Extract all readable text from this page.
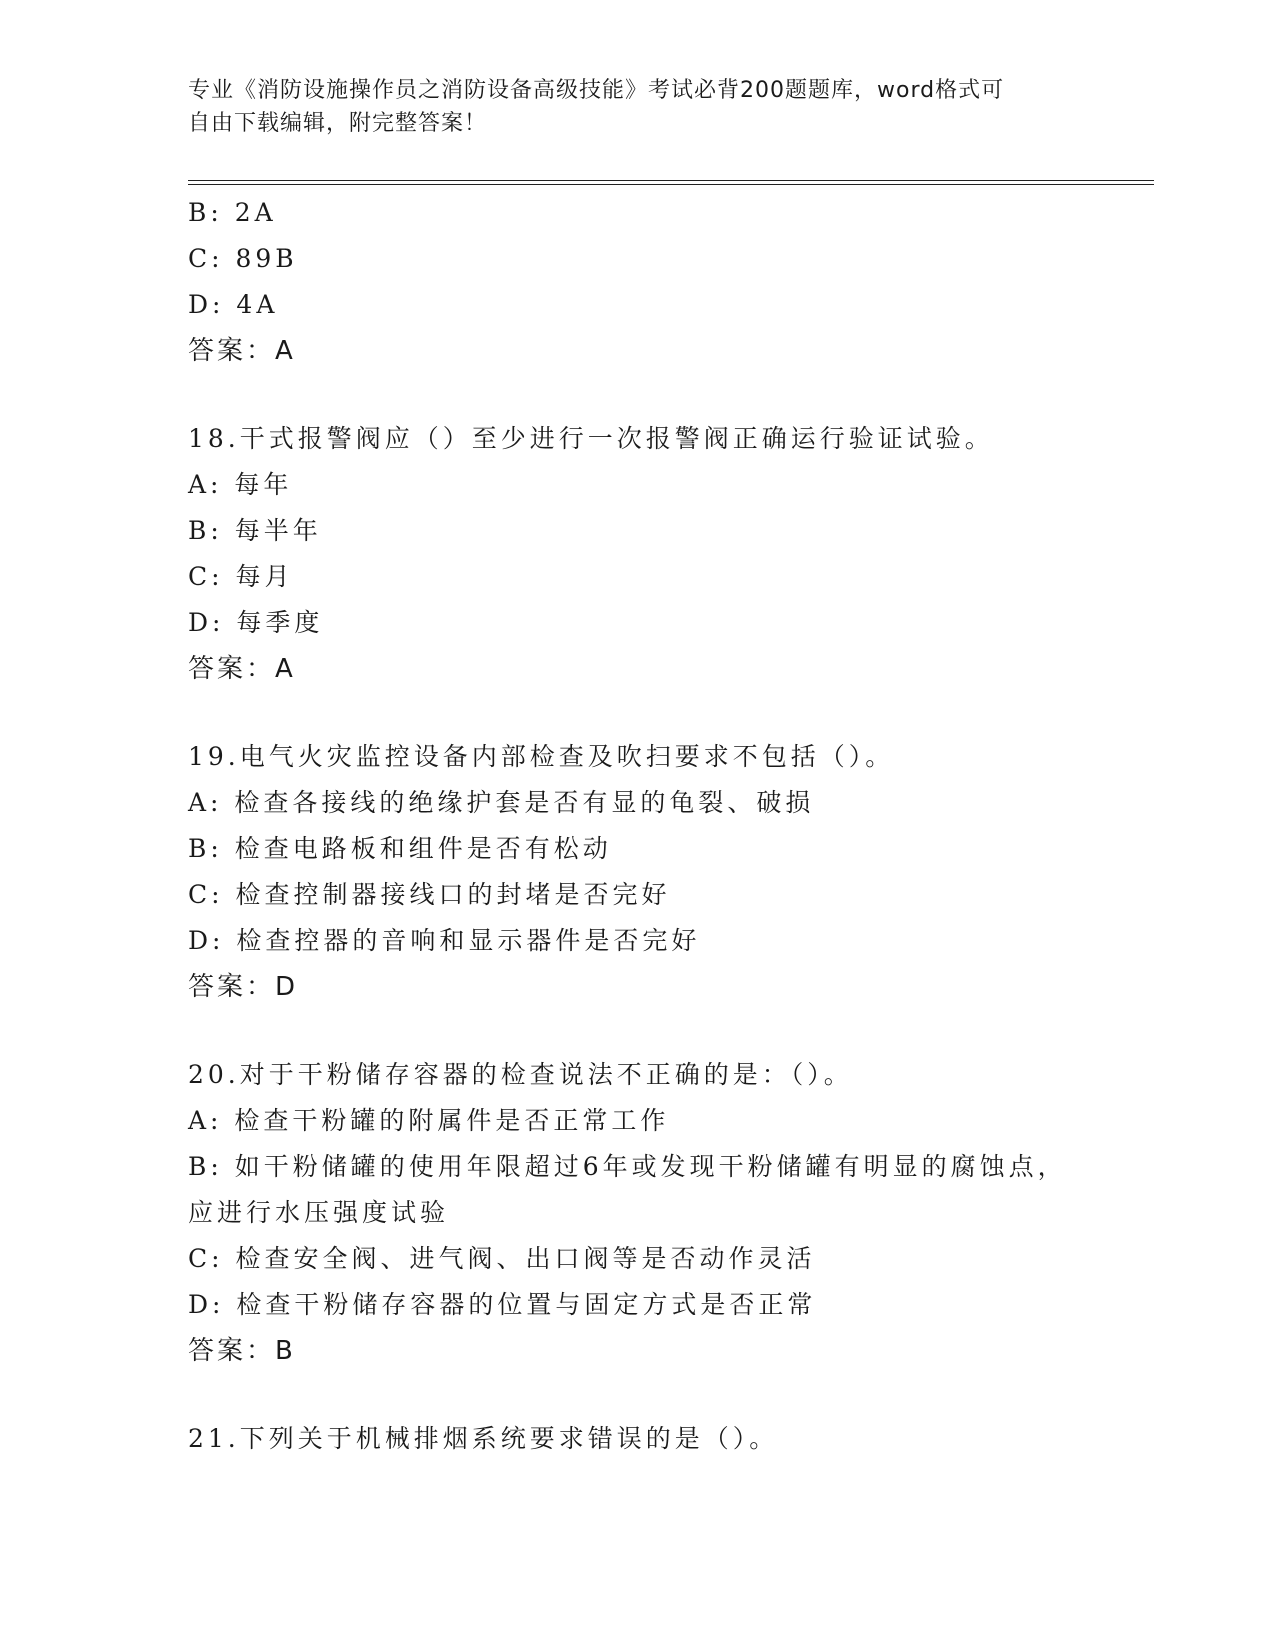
专业《消防设施操作员之消防设备高级技能》考试必背200题题库，word格式可
自由下载编辑，附完整答案！
B: 2A
C: 89B
D: 4A
答案：A
18.干式报警阀应（）至少进行一次报警阀正确运行验证试验。
A: 每年
B: 每半年
C: 每月
D: 每季度
答案：A
19.电气火灾监控设备内部检查及吹扫要求不包括（）。
A: 检查各接线的绝缘护套是否有显的龟裂、破损
B: 检查电路板和组件是否有松动
C: 检查控制器接线口的封堵是否完好
D: 检查控器的音响和显示器件是否完好
答案：D
20.对于干粉储存容器的检查说法不正确的是：（）。
A: 检查干粉罐的附属件是否正常工作
B: 如干粉储罐的使用年限超过6年或发现干粉储罐有明显的腐蚀点，
应进行水压强度试验
C: 检查安全阀、进气阀、出口阀等是否动作灵活
D: 检查干粉储存容器的位置与固定方式是否正常
答案：B
21.下列关于机械排烟系统要求错误的是（）。
